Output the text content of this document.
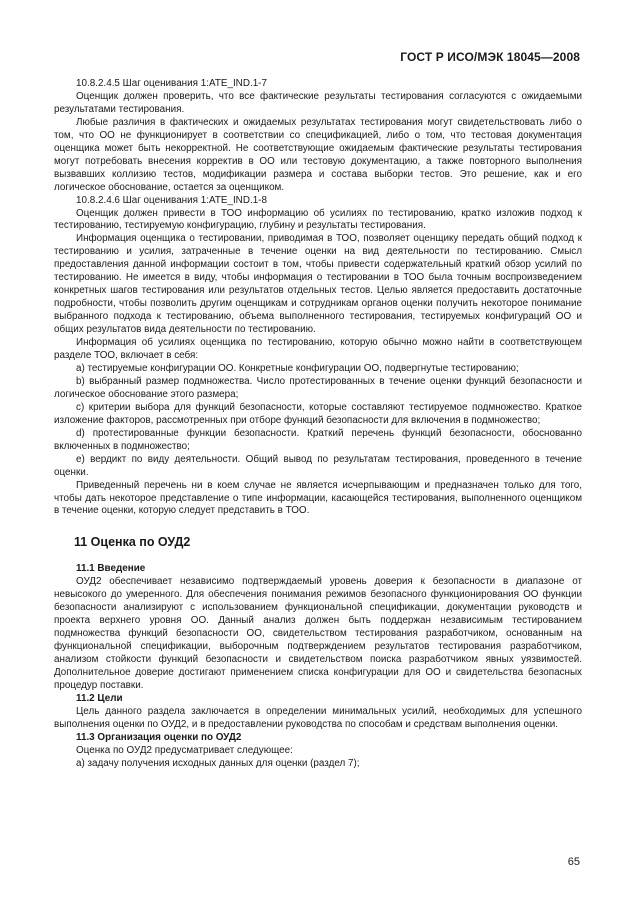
ГОСТ Р ИСО/МЭК 18045—2008

10.8.2.4.5 Шаг оценивания 1:ATE_IND.1-7

Оценщик должен проверить, что все фактические результаты тестирования согласуются с ожидаемыми результатами тестирования.

Любые различия в фактических и ожидаемых результатах тестирования могут свидетельствовать либо о том, что ОО не функционирует в соответствии со спецификацией, либо о том, что тестовая документация оценщика может быть некорректной. Не соответствующие ожидаемым фактические результаты тестирования могут потребовать внесения корректив в ОО или тестовую документацию, а также повторного выполнения вызвавших коллизию тестов, модификации размера и состава выборки тестов. Это решение, как и его логическое обоснование, остается за оценщиком.

10.8.2.4.6 Шаг оценивания 1:ATE_IND.1-8

Оценщик должен привести в ТОО информацию об усилиях по тестированию, кратко изложив подход к тестированию, тестируемую конфигурацию, глубину и результаты тестирования.

Информация оценщика о тестировании, приводимая в ТОО, позволяет оценщику передать общий подход к тестированию и усилия, затраченные в течение оценки на вид деятельности по тестированию. Смысл предоставления данной информации состоит в том, чтобы привести содержательный краткий обзор усилий по тестированию. Не имеется в виду, чтобы информация о тестировании в ТОО была точным воспроизведением конкретных шагов тестирования или результатов отдельных тестов. Целью является предоставить достаточные подробности, чтобы позволить другим оценщикам и сотрудникам органов оценки получить некоторое понимание выбранного подхода к тестированию, объема выполненного тестирования, тестируемых конфигураций ОО и общих результатов вида деятельности по тестированию.

Информация об усилиях оценщика по тестированию, которую обычно можно найти в соответствующем разделе ТОО, включает в себя:

a) тестируемые конфигурации ОО. Конкретные конфигурации ОО, подвергнутые тестированию;

b) выбранный размер подмножества. Число протестированных в течение оценки функций безопасности и логическое обоснование этого размера;

c) критерии выбора для функций безопасности, которые составляют тестируемое подмножество. Краткое изложение факторов, рассмотренных при отборе функций безопасности для включения в подмножество;

d) протестированные функции безопасности. Краткий перечень функций безопасности, обоснованно включенных в подмножество;

e) вердикт по виду деятельности. Общий вывод по результатам тестирования, проведенного в течение оценки.

Приведенный перечень ни в коем случае не является исчерпывающим и предназначен только для того, чтобы дать некоторое представление о типе информации, касающейся тестирования, выполненного оценщиком в течение оценки, которую следует представить в ТОО.

11 Оценка по ОУД2

11.1 Введение

ОУД2 обеспечивает независимо подтверждаемый уровень доверия к безопасности в диапазоне от невысокого до умеренного. Для обеспечения понимания режимов безопасного функционирования ОО функции безопасности анализируют с использованием функциональной спецификации, документации руководств и проекта верхнего уровня ОО. Данный анализ должен быть поддержан независимым тестированием подмножества функций безопасности ОО, свидетельством тестирования разработчиком, основанным на функциональной спецификации, выборочным подтверждением результатов тестирования разработчиком, анализом стойкости функций безопасности и свидетельством поиска разработчиком явных уязвимостей. Дополнительное доверие достигают применением списка конфигурации для ОО и свидетельства безопасных процедур поставки.

11.2 Цели

Цель данного раздела заключается в определении минимальных усилий, необходимых для успешного выполнения оценки по ОУД2, и в предоставлении руководства по способам и средствам выполнения оценки.

11.3 Организация оценки по ОУД2

Оценка по ОУД2 предусматривает следующее:

а) задачу получения исходных данных для оценки (раздел 7);

65
